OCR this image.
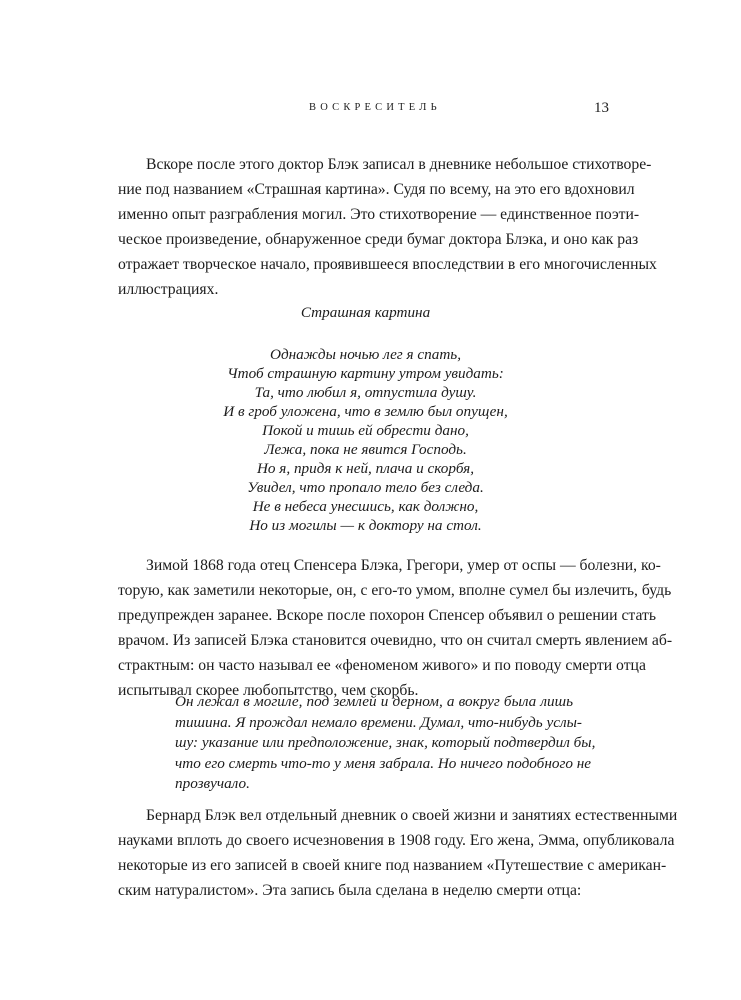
ВОСКРЕСИТЕЛЬ	13
Вскоре после этого доктор Блэк записал в дневнике небольшое стихотворе-
ние под названием «Страшная картина». Судя по всему, на это его вдохновил
именно опыт разграбления могил. Это стихотворение — единственное поэти-
ческое произведение, обнаруженное среди бумаг доктора Блэка, и оно как раз
отражает творческое начало, проявившееся впоследствии в его многочисленных
иллюстрациях.
Страшная картина
Однажды ночью лег я спать,
Чтоб страшную картину утром увидать:
Та, что любил я, отпустила душу.
И в гроб уложена, что в землю был опущен,
Покой и тишь ей обрести дано,
Лежа, пока не явится Господь.
Но я, придя к ней, плача и скорбя,
Увидел, что пропало тело без следа.
Не в небеса унесшись, как должно,
Но из могилы — к доктору на стол.
Зимой 1868 года отец Спенсера Блэка, Грегори, умер от оспы — болезни, ко-
торую, как заметили некоторые, он, с его-то умом, вполне сумел бы излечить, будь
предупрежден заранее. Вскоре после похорон Спенсер объявил о решении стать
врачом. Из записей Блэка становится очевидно, что он считал смерть явлением аб-
страктным: он часто называл ее «феноменом живого» и по поводу смерти отца
испытывал скорее любопытство, чем скорбь.
Он лежал в могиле, под землей и дерном, а вокруг была лишь
тишина. Я прождал немало времени. Думал, что-нибудь услы-
шу: указание или предположение, знак, который подтвердил бы,
что его смерть что-то у меня забрала. Но ничего подобного не
прозвучало.
Бернард Блэк вел отдельный дневник о своей жизни и занятиях естественными
науками вплоть до своего исчезновения в 1908 году. Его жена, Эмма, опубликовала
некоторые из его записей в своей книге под названием «Путешествие с американ-
ским натуралистом». Эта запись была сделана в неделю смерти отца:
